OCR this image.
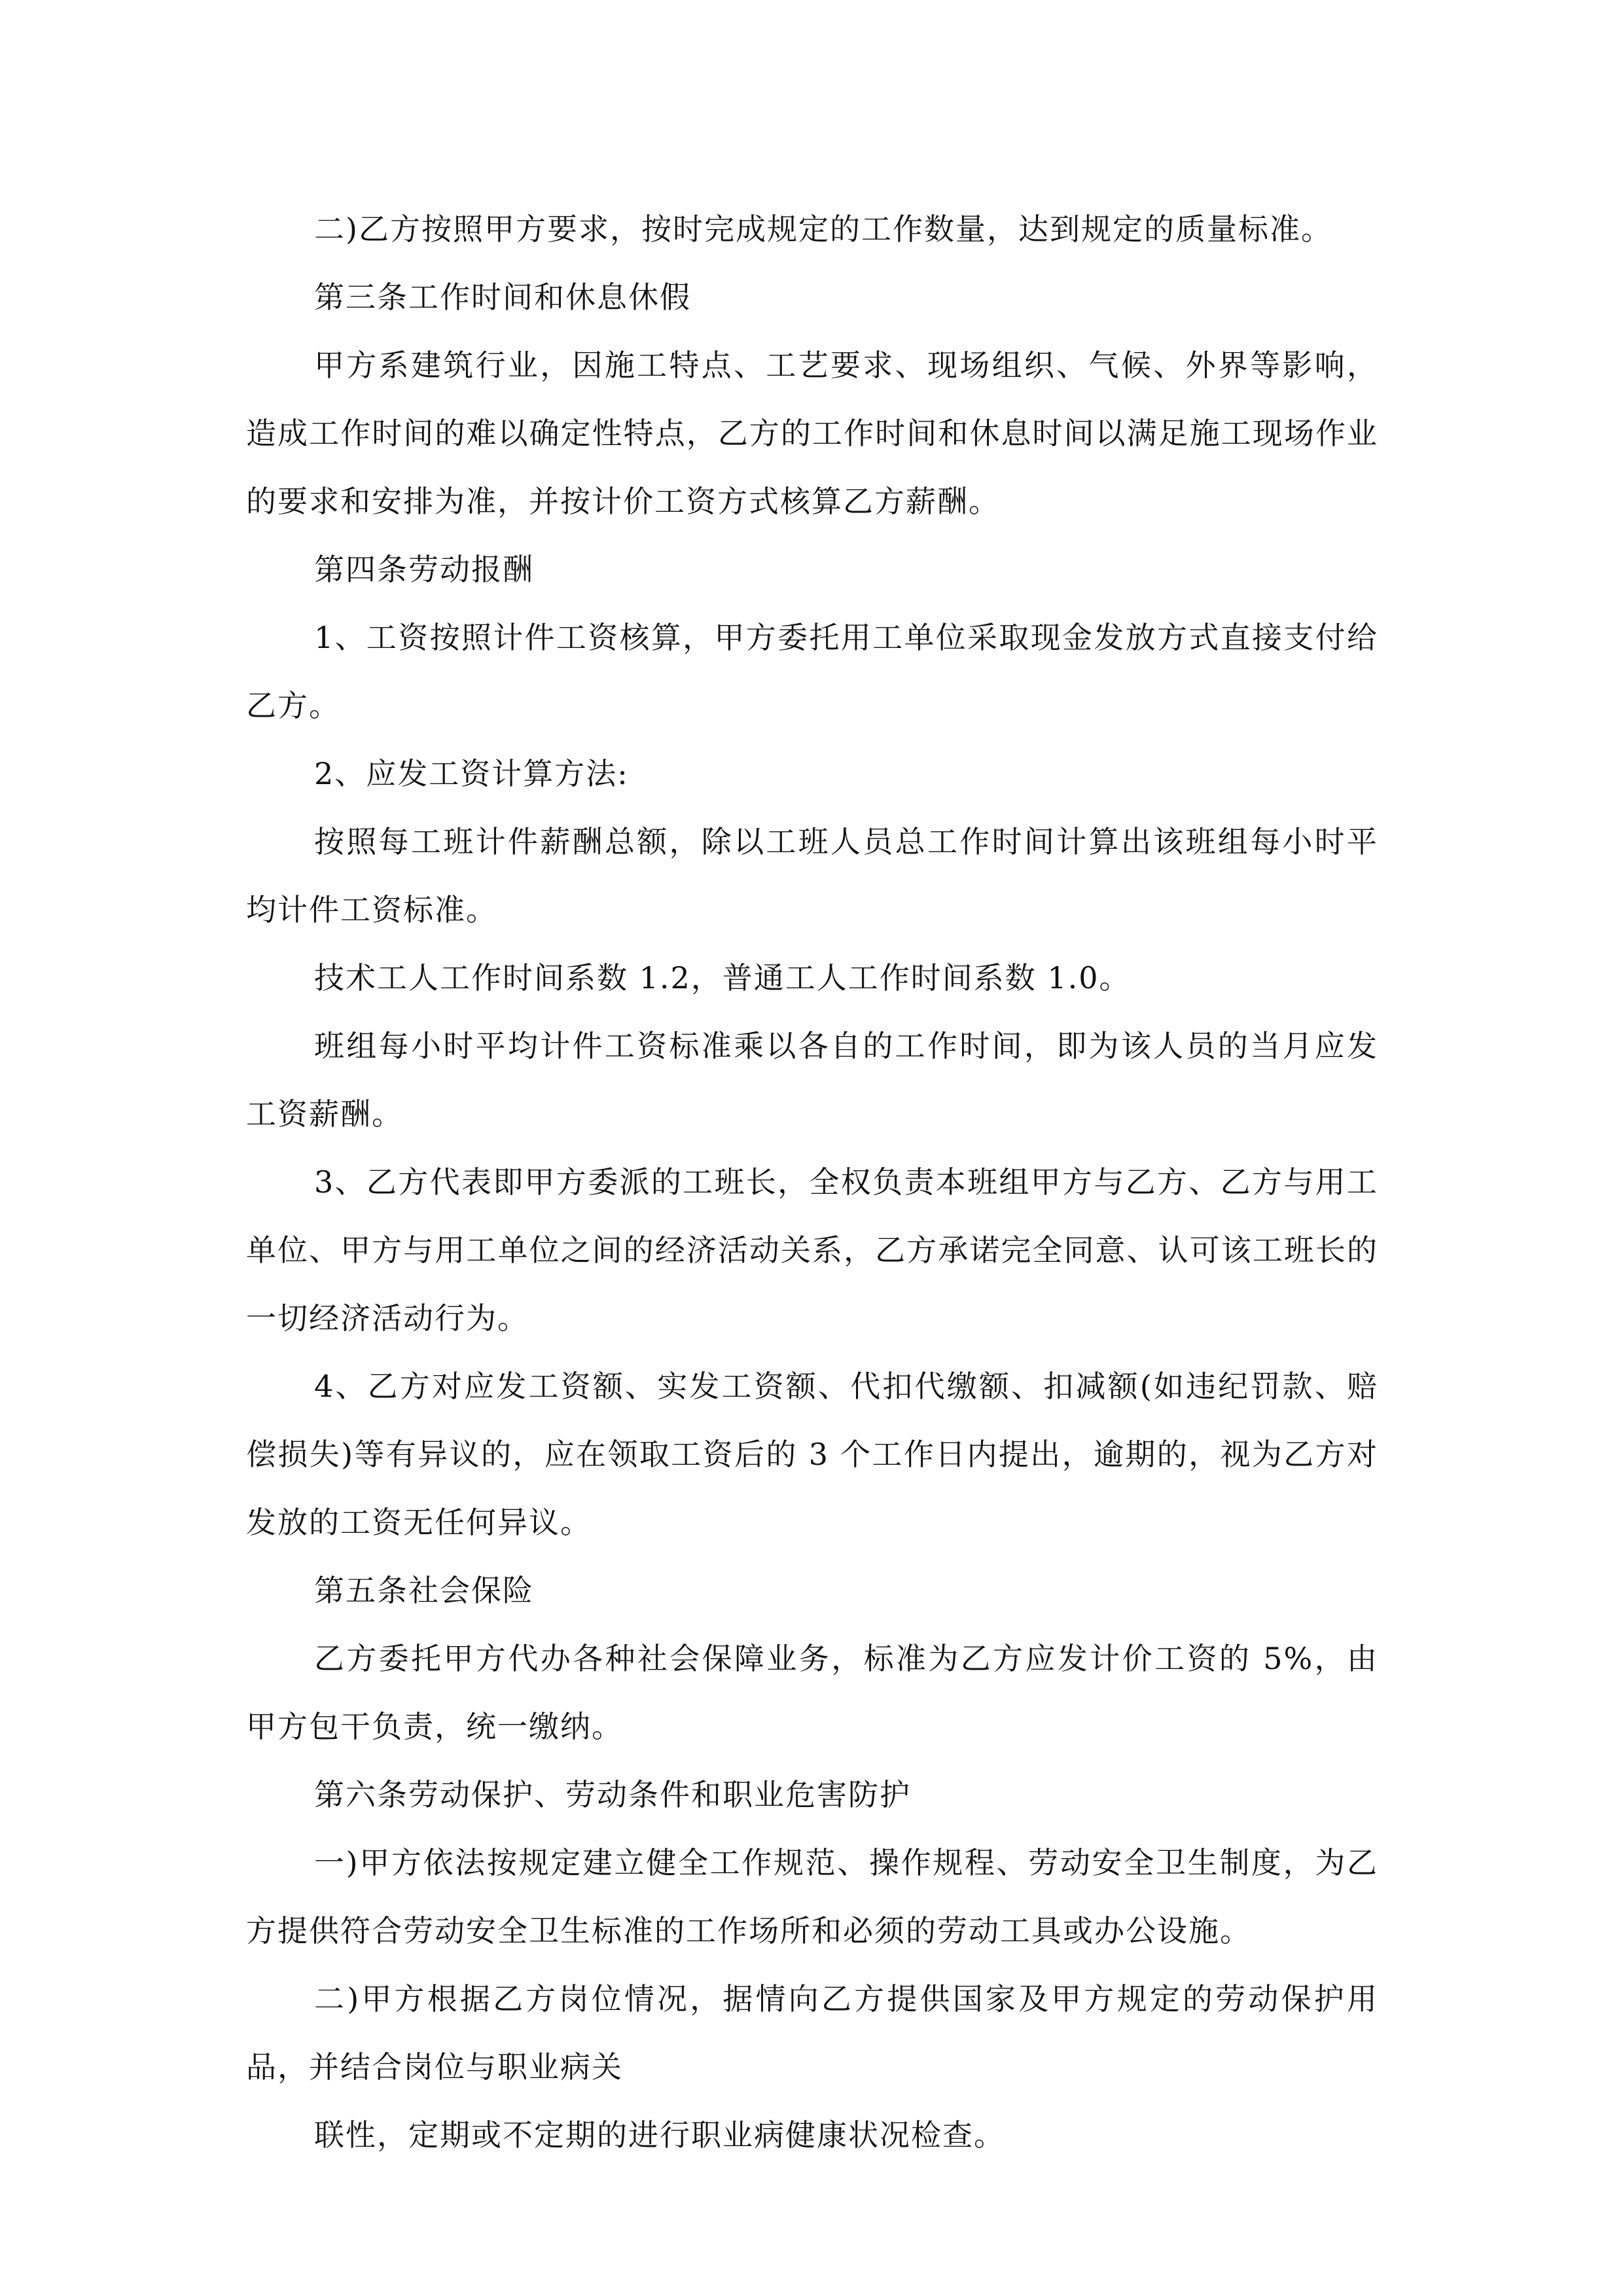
二)乙方按照甲方要求，按时完成规定的工作数量，达到规定的质量标准。

第三条工作时间和休息休假

甲方系建筑行业，因施工特点、工艺要求、现场组织、气候、外界等影响，造成工作时间的难以确定性特点，乙方的工作时间和休息时间以满足施工现场作业的要求和安排为准，并按计价工资方式核算乙方薪酬。

第四条劳动报酬

1、工资按照计件工资核算，甲方委托用工单位采取现金发放方式直接支付给乙方。

2、应发工资计算方法:

按照每工班计件薪酬总额，除以工班人员总工作时间计算出该班组每小时平均计件工资标准。

技术工人工作时间系数 1.2，普通工人工作时间系数 1.0。

班组每小时平均计件工资标准乘以各自的工作时间，即为该人员的当月应发工资薪酬。

3、乙方代表即甲方委派的工班长，全权负责本班组甲方与乙方、乙方与用工单位、甲方与用工单位之间的经济活动关系，乙方承诺完全同意、认可该工班长的一切经济活动行为。

4、乙方对应发工资额、实发工资额、代扣代缴额、扣减额(如违纪罚款、赔偿损失)等有异议的，应在领取工资后的 3 个工作日内提出，逾期的，视为乙方对发放的工资无任何异议。

第五条社会保险

乙方委托甲方代办各种社会保障业务，标准为乙方应发计价工资的 5%，由甲方包干负责，统一缴纳。

第六条劳动保护、劳动条件和职业危害防护

一)甲方依法按规定建立健全工作规范、操作规程、劳动安全卫生制度，为乙方提供符合劳动安全卫生标准的工作场所和必须的劳动工具或办公设施。

二)甲方根据乙方岗位情况，据情向乙方提供国家及甲方规定的劳动保护用品，并结合岗位与职业病关

联性，定期或不定期的进行职业病健康状况检查。
